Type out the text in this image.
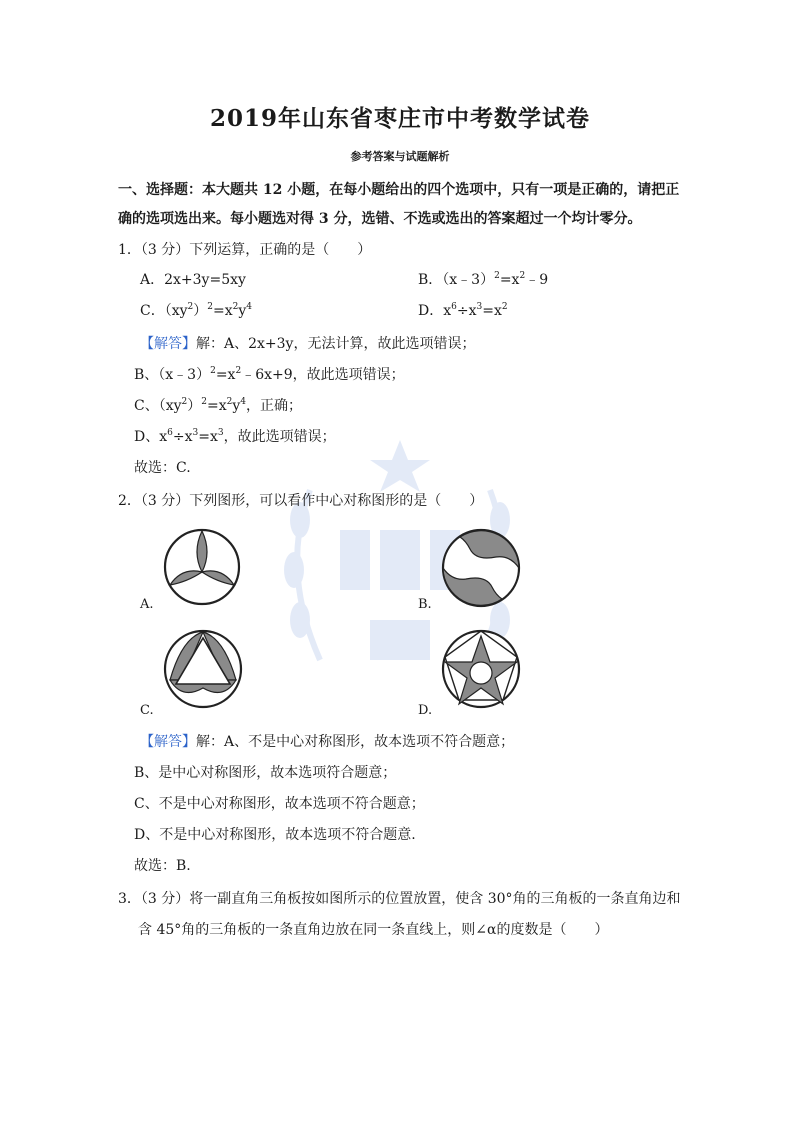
2019年山东省枣庄市中考数学试卷
参考答案与试题解析
一、选择题：本大题共 12 小题，在每小题给出的四个选项中，只有一项是正确的，请把正
确的选项选出来。每小题选对得 3 分，选错、不选或选出的答案超过一个均计零分。
1．（3 分）下列运算，正确的是（　　）
A．2x+3y=5xy	B．$(x﹣3)^2=x^2﹣9$
C．$(xy^2)^2=x^2y^4$	D．$x^6\div x^3=x^2$
【解答】解：A、2x+3y，无法计算，故此选项错误；
B、$(x﹣3)^2=x^2﹣6x+9$，故此选项错误；
C、$(xy^2)^2=x^2y^4$，正确；
D、$x^6\div x^3=x^3$，故此选项错误；
故选：C.
2．（3 分）下列图形，可以看作中心对称图形的是（　　）
A.	B.
C.	D.
【解答】解：A、不是中心对称图形，故本选项不符合题意；
B、是中心对称图形，故本选项符合题意；
C、不是中心对称图形，故本选项不符合题意；
D、不是中心对称图形，故本选项不符合题意.
故选：B.
3．（3 分）将一副直角三角板按如图所示的位置放置，使含 30°角的三角板的一条直角边和
含 45°角的三角板的一条直角边放在同一条直线上，则∠α的度数是（　　）
